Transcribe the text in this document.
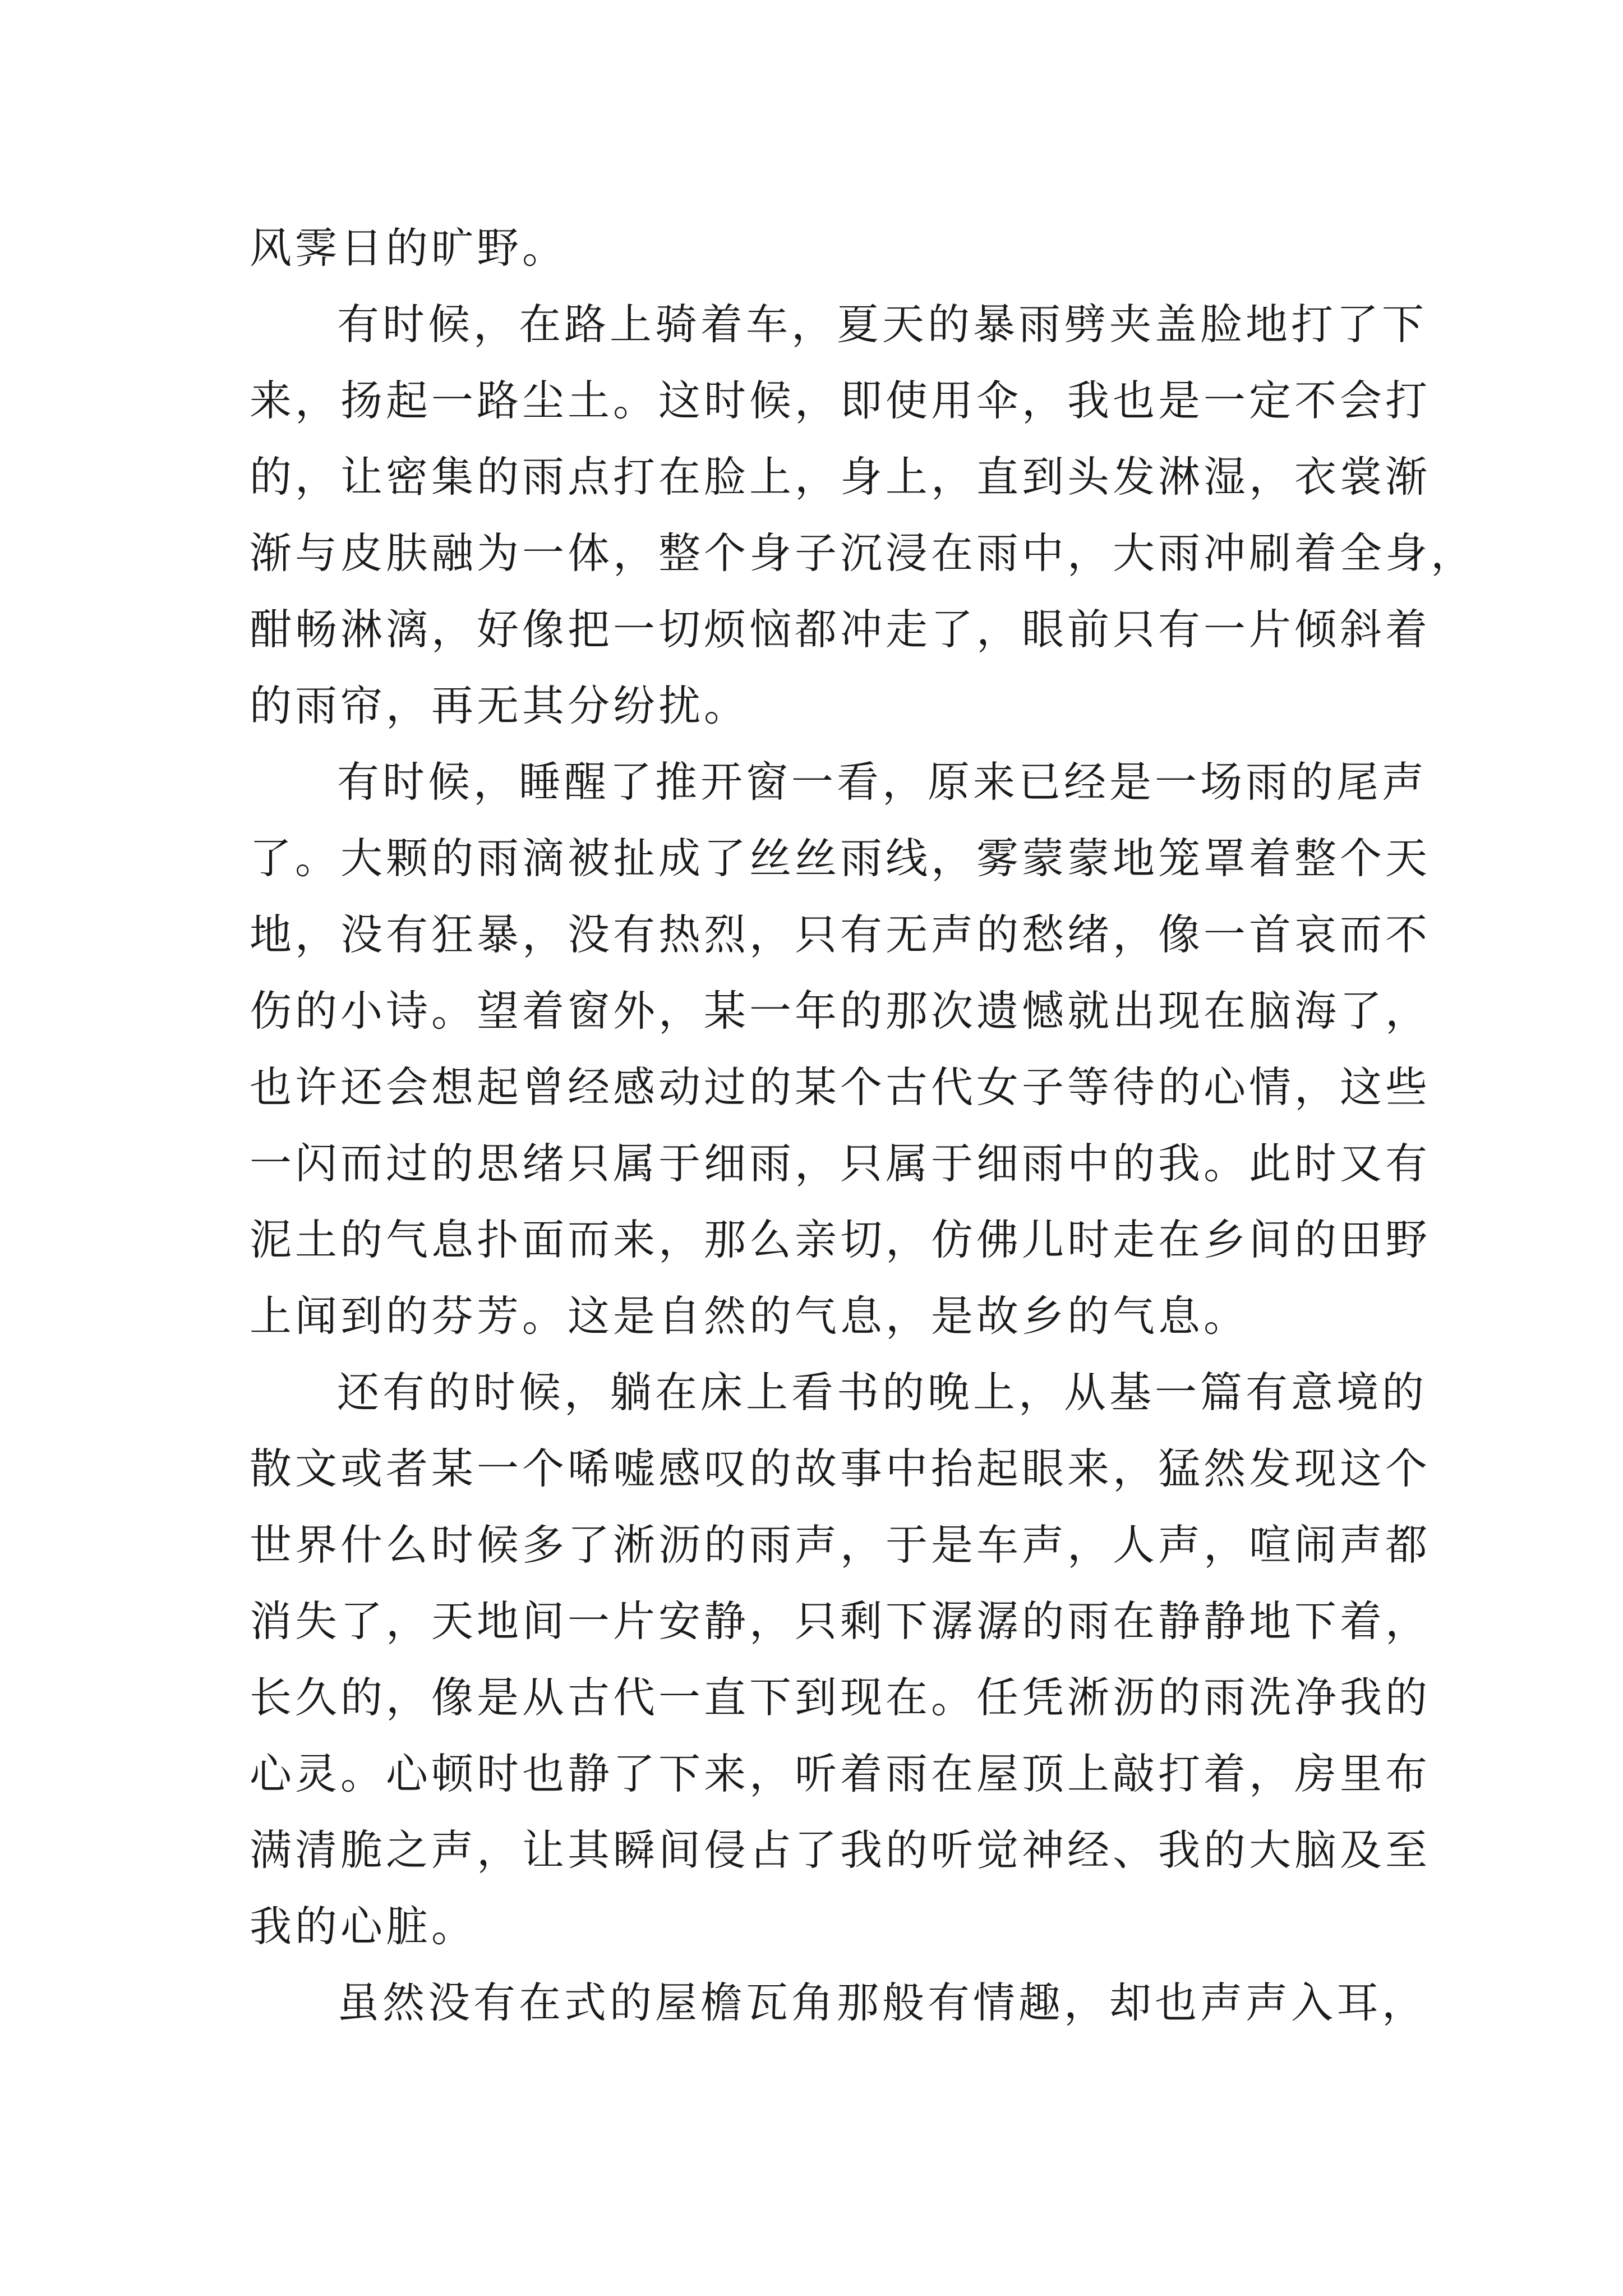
风霁日的旷野。
有时候，在路上骑着车，夏天的暴雨劈夹盖脸地打了下
来，扬起一路尘土。这时候，即使用伞，我也是一定不会打
的，让密集的雨点打在脸上，身上，直到头发淋湿，衣裳渐
渐与皮肤融为一体，整个身子沉浸在雨中，大雨冲刷着全身，
酣畅淋漓，好像把一切烦恼都冲走了，眼前只有一片倾斜着
的雨帘，再无其分纷扰。
有时候，睡醒了推开窗一看，原来已经是一场雨的尾声
了。大颗的雨滴被扯成了丝丝雨线，雾蒙蒙地笼罩着整个天
地，没有狂暴，没有热烈，只有无声的愁绪，像一首哀而不
伤的小诗。望着窗外，某一年的那次遗憾就出现在脑海了，
也许还会想起曾经感动过的某个古代女子等待的心情，这些
一闪而过的思绪只属于细雨，只属于细雨中的我。此时又有
泥土的气息扑面而来，那么亲切，仿佛儿时走在乡间的田野
上闻到的芬芳。这是自然的气息，是故乡的气息。
还有的时候，躺在床上看书的晚上，从基一篇有意境的
散文或者某一个唏嘘感叹的故事中抬起眼来，猛然发现这个
世界什么时候多了淅沥的雨声，于是车声，人声，喧闹声都
消失了，天地间一片安静，只剩下潺潺的雨在静静地下着，
长久的，像是从古代一直下到现在。任凭淅沥的雨洗净我的
心灵。心顿时也静了下来，听着雨在屋顶上敲打着，房里布
满清脆之声，让其瞬间侵占了我的听觉神经、我的大脑及至
我的心脏。
虽然没有在式的屋檐瓦角那般有情趣，却也声声入耳，
